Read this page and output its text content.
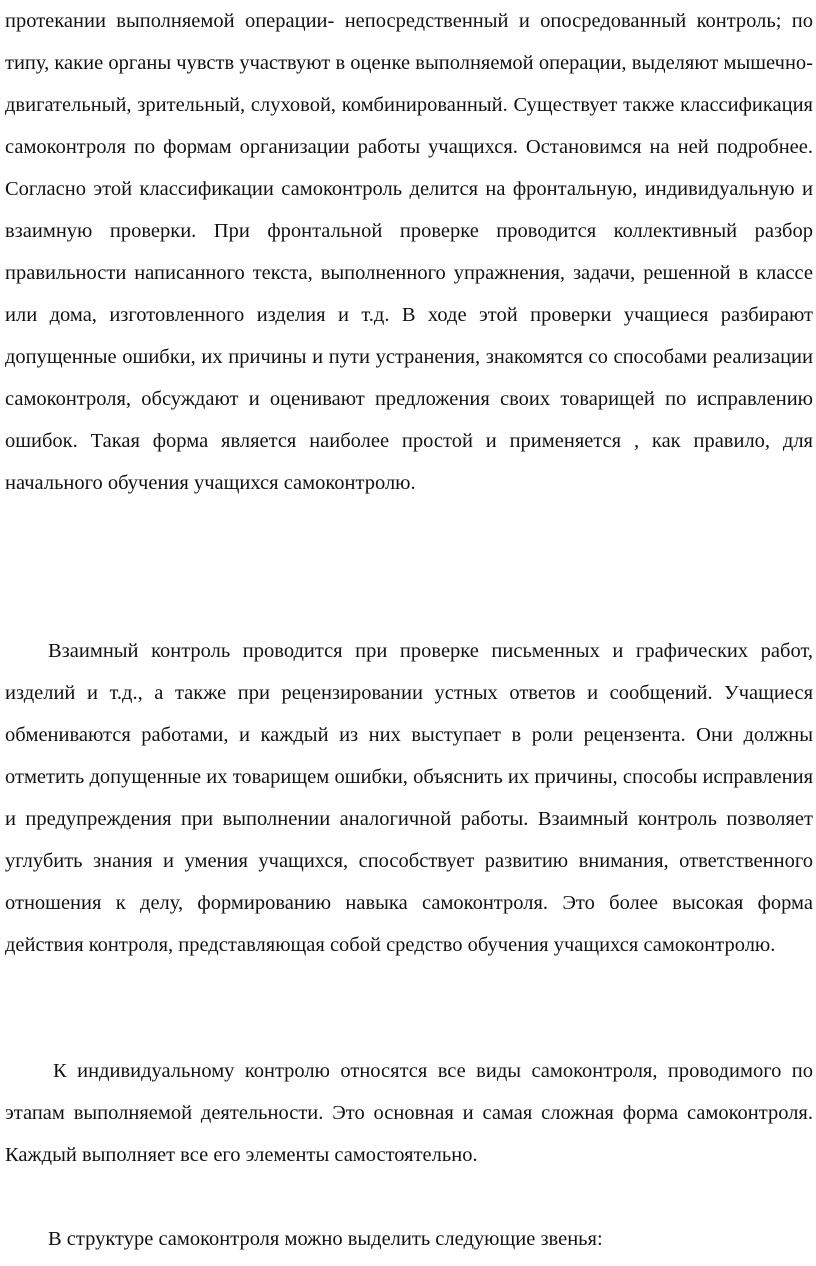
протекании выполняемой операции- непосредственный и опосредованный контроль; по типу, какие органы чувств участвуют в оценке выполняемой операции, выделяют мышечно- двигательный, зрительный, слуховой, комбинированный. Существует также классификация самоконтроля по формам организации работы учащихся. Остановимся на ней подробнее. Согласно этой классификации самоконтроль делится на фронтальную, индивидуальную и взаимную проверки. При фронтальной проверке проводится коллективный разбор правильности написанного текста, выполненного упражнения, задачи, решенной в классе или дома, изготовленного изделия и т.д. В ходе этой проверки учащиеся разбирают допущенные ошибки, их причины и пути устранения, знакомятся со способами реализации самоконтроля, обсуждают и оценивают предложения своих товарищей по исправлению ошибок. Такая форма является наиболее простой и применяется , как правило, для начального обучения учащихся самоконтролю.

Взаимный контроль проводится при проверке письменных и графических работ, изделий и т.д., а также при рецензировании устных ответов и сообщений. Учащиеся обмениваются работами, и каждый из них выступает в роли рецензента. Они должны отметить допущенные их товарищем ошибки, объяснить их причины, способы исправления и предупреждения при выполнении аналогичной работы. Взаимный контроль позволяет углубить знания и умения учащихся, способствует развитию внимания, ответственного отношения к делу, формированию навыка самоконтроля. Это более высокая форма действия контроля, представляющая собой средство обучения учащихся самоконтролю.

К индивидуальному контролю относятся все виды самоконтроля, проводимого по этапам выполняемой деятельности. Это основная и самая сложная форма самоконтроля. Каждый выполняет все его элементы самостоятельно.

В структуре самоконтроля можно выделить следующие звенья:
